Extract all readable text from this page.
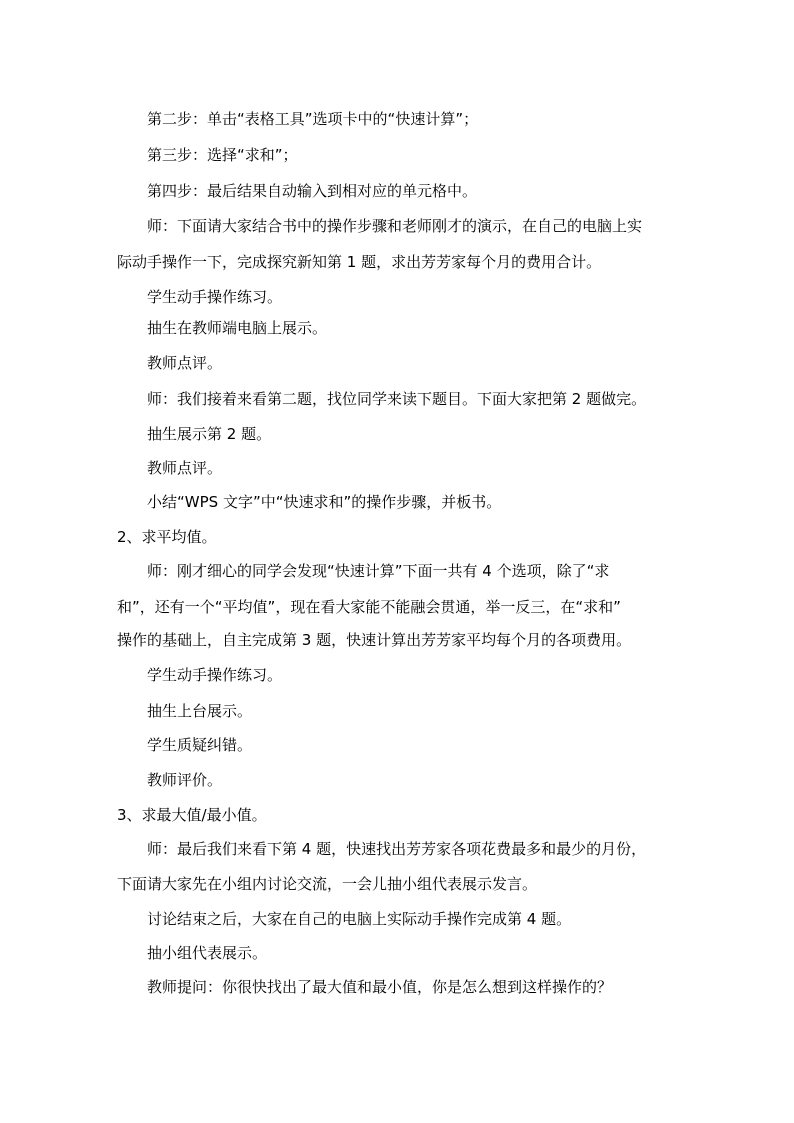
第二步：单击“表格工具”选项卡中的“快速计算”；
第三步：选择“求和”；
第四步：最后结果自动输入到相对应的单元格中。
师：下面请大家结合书中的操作步骤和老师刚才的演示，在自己的电脑上实
际动手操作一下，完成探究新知第 1 题，求出芳芳家每个月的费用合计。
学生动手操作练习。
抽生在教师端电脑上展示。
教师点评。
师：我们接着来看第二题，找位同学来读下题目。下面大家把第 2 题做完。
抽生展示第 2 题。
教师点评。
小结“WPS 文字”中“快速求和”的操作步骤，并板书。
2、求平均值。
师：刚才细心的同学会发现“快速计算”下面一共有 4 个选项，除了“求
和”，还有一个“平均值”，现在看大家能不能融会贯通，举一反三，在“求和”
操作的基础上，自主完成第 3 题，快速计算出芳芳家平均每个月的各项费用。
学生动手操作练习。
抽生上台展示。
学生质疑纠错。
教师评价。
3、求最大值/最小值。
师：最后我们来看下第 4 题，快速找出芳芳家各项花费最多和最少的月份，
下面请大家先在小组内讨论交流，一会儿抽小组代表展示发言。
讨论结束之后，大家在自己的电脑上实际动手操作完成第 4 题。
抽小组代表展示。
教师提问：你很快找出了最大值和最小值，你是怎么想到这样操作的？
